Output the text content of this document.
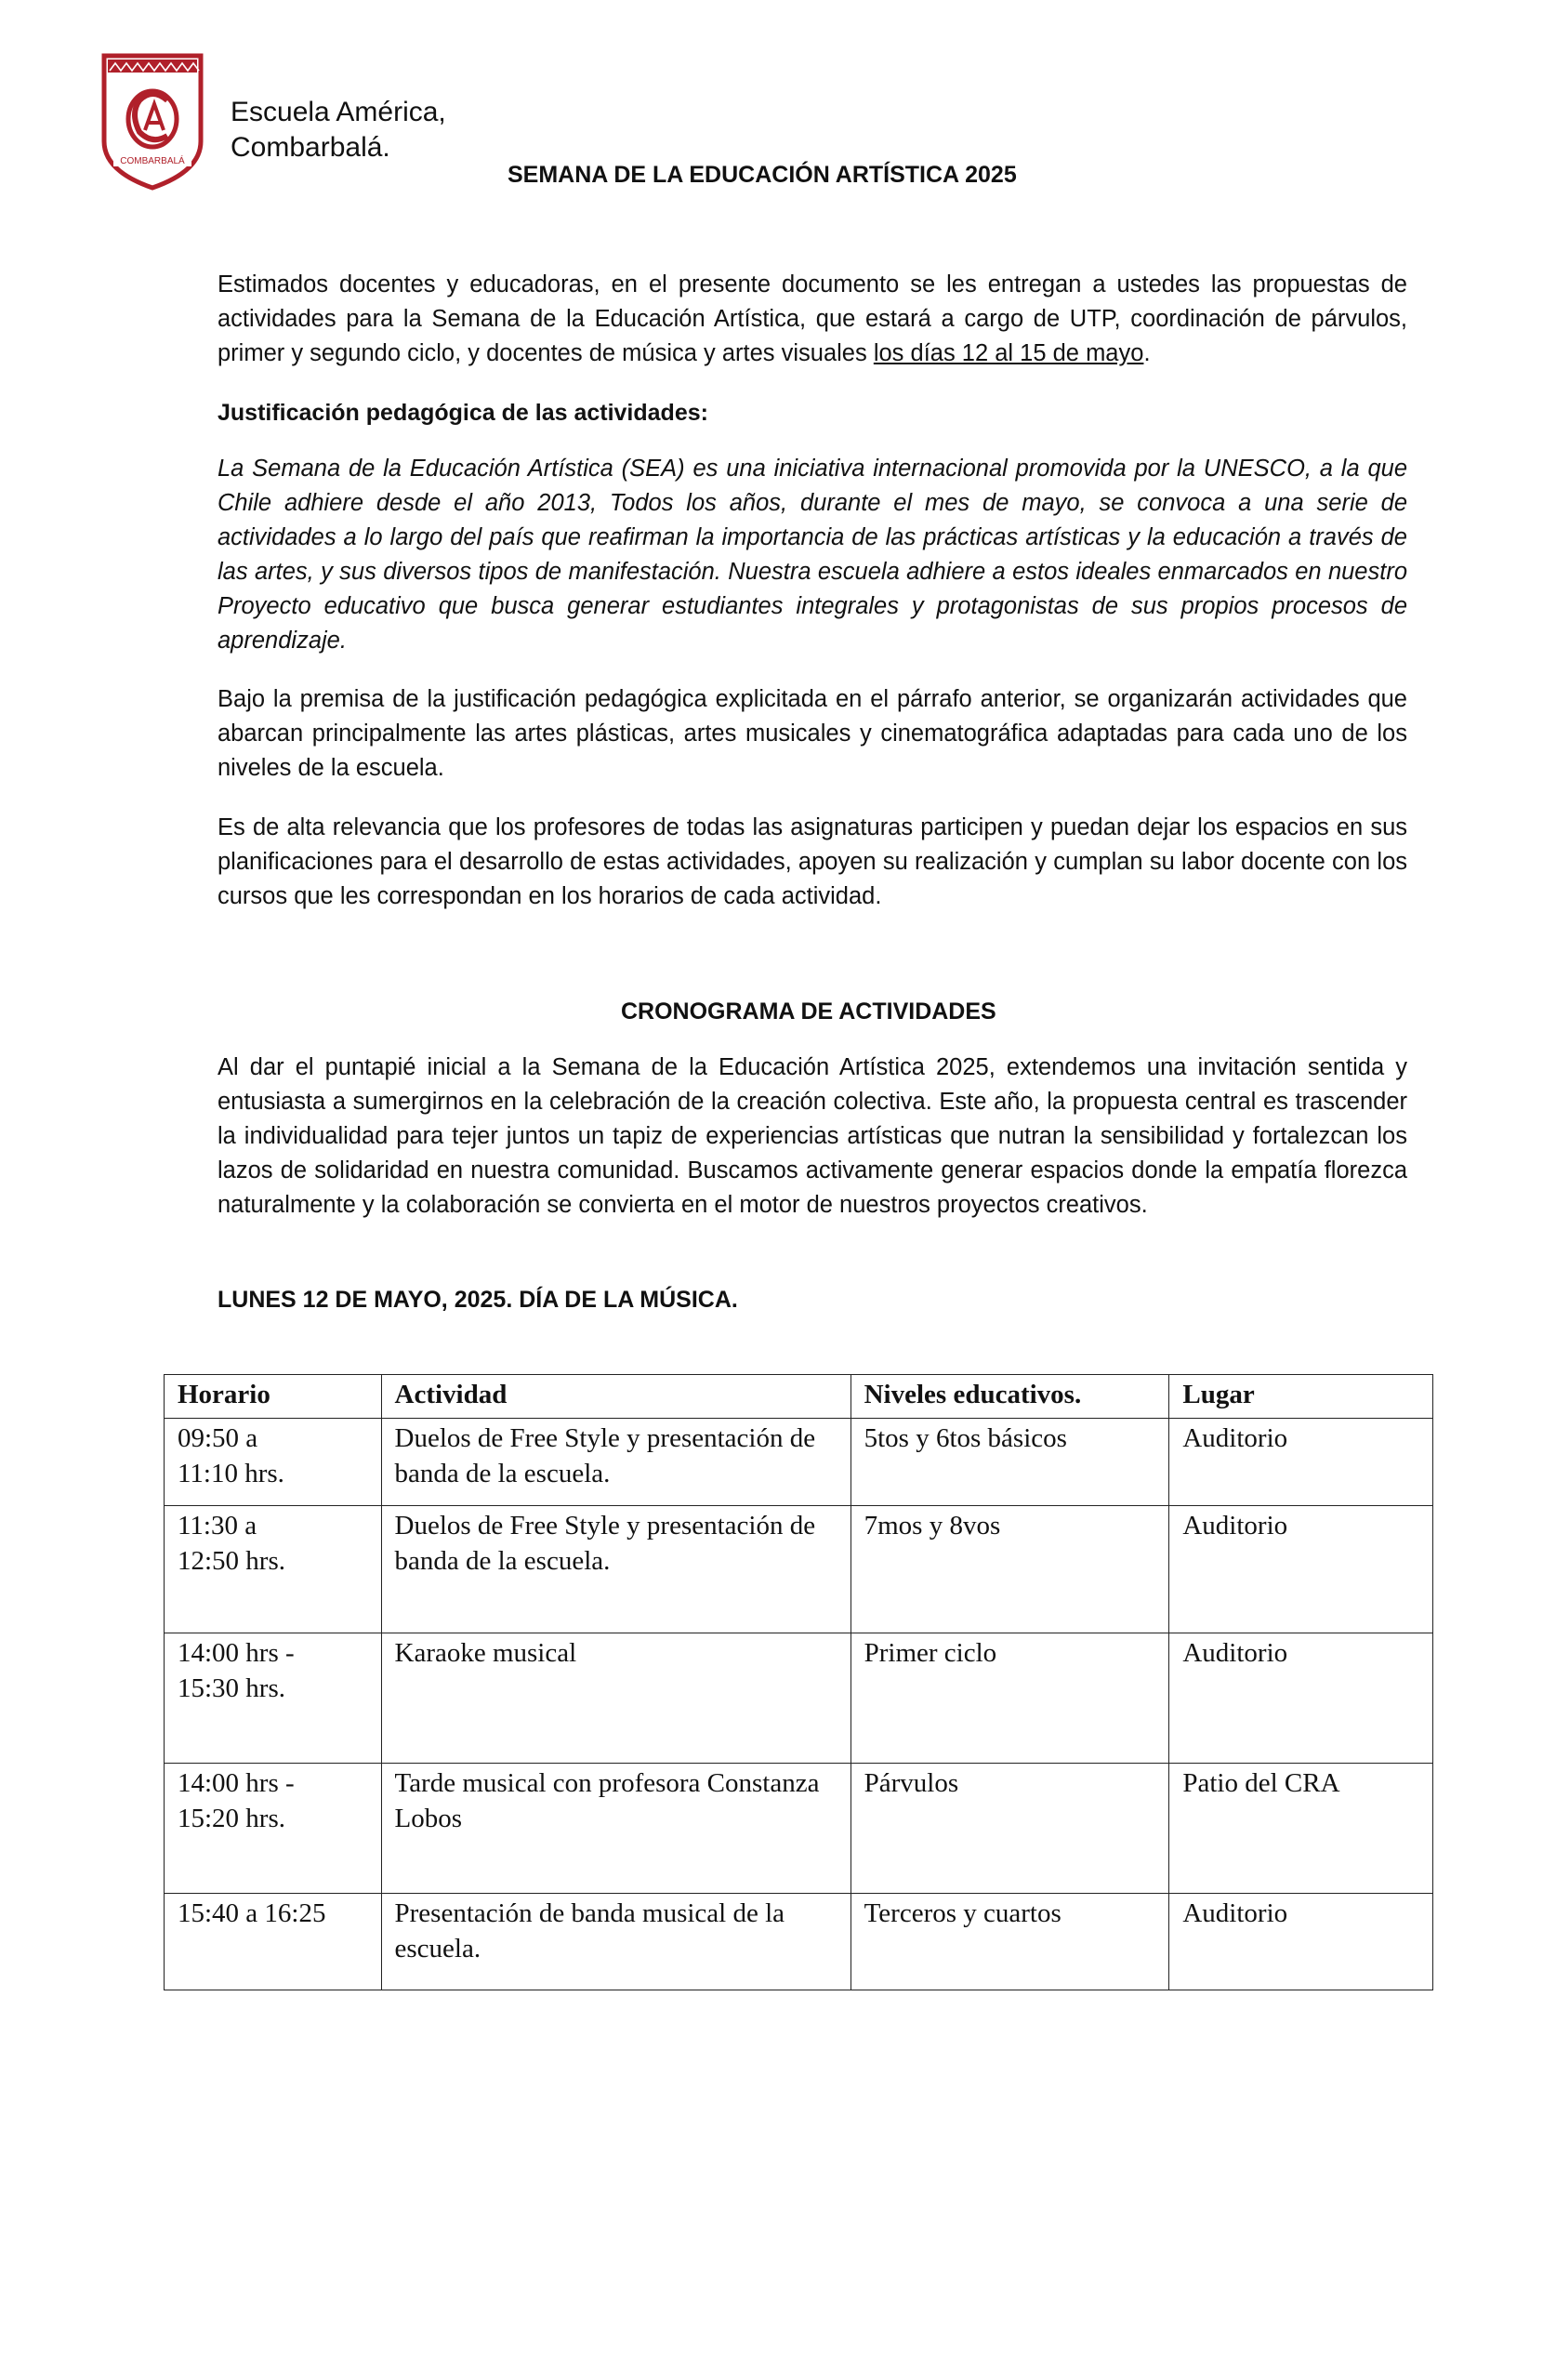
COMBARBALÁ
Escuela América,
Combarbalá.
SEMANA DE LA EDUCACIÓN ARTÍSTICA 2025
Estimados docentes y educadoras, en el presente documento se les entregan a ustedes las propuestas de actividades para la Semana de la Educación Artística, que estará a cargo de UTP, coordinación de párvulos, primer y segundo ciclo, y docentes de música y artes visuales los días 12 al 15 de mayo.
Justificación pedagógica de las actividades:
La Semana de la Educación Artística (SEA) es una iniciativa internacional promovida por la UNESCO, a la que Chile adhiere desde el año 2013, Todos los años, durante el mes de mayo, se convoca a una serie de actividades a lo largo del país que reafirman la importancia de las prácticas artísticas y la educación a través de las artes, y sus diversos tipos de manifestación. Nuestra escuela adhiere a estos ideales enmarcados en nuestro Proyecto educativo que busca generar estudiantes integrales y protagonistas de sus propios procesos de aprendizaje.
Bajo la premisa de la justificación pedagógica explicitada en el párrafo anterior, se organizarán actividades que abarcan principalmente las artes plásticas, artes musicales y cinematográfica adaptadas para cada uno de los niveles de la escuela.
Es de alta relevancia que los profesores de todas las asignaturas participen y puedan dejar los espacios en sus planificaciones para el desarrollo de estas actividades, apoyen su realización y cumplan su labor docente con los cursos que les correspondan en los horarios de cada actividad.
CRONOGRAMA DE ACTIVIDADES
Al dar el puntapié inicial a la Semana de la Educación Artística 2025, extendemos una invitación sentida y entusiasta a sumergirnos en la celebración de la creación colectiva. Este año, la propuesta central es trascender la individualidad para tejer juntos un tapiz de experiencias artísticas que nutran la sensibilidad y fortalezcan los lazos de solidaridad en nuestra comunidad. Buscamos activamente generar espacios donde la empatía florezca naturalmente y la colaboración se convierta en el motor de nuestros proyectos creativos.
LUNES 12 DE MAYO, 2025. DÍA DE LA MÚSICA.
Horario	Actividad	Niveles educativos.	Lugar
09:50 a
11:10 hrs.	Duelos de Free Style y presentación de banda de la escuela.	5tos y 6tos básicos	Auditorio
11:30 a
12:50 hrs.	Duelos de Free Style y presentación de banda de la escuela.	7mos y 8vos	Auditorio
14:00 hrs -
15:30 hrs.	Karaoke musical	Primer ciclo	Auditorio
14:00 hrs -
15:20 hrs.	Tarde musical con profesora Constanza Lobos	Párvulos	Patio del CRA
15:40 a 16:25	Presentación de banda musical de la escuela.	Terceros y cuartos	Auditorio
